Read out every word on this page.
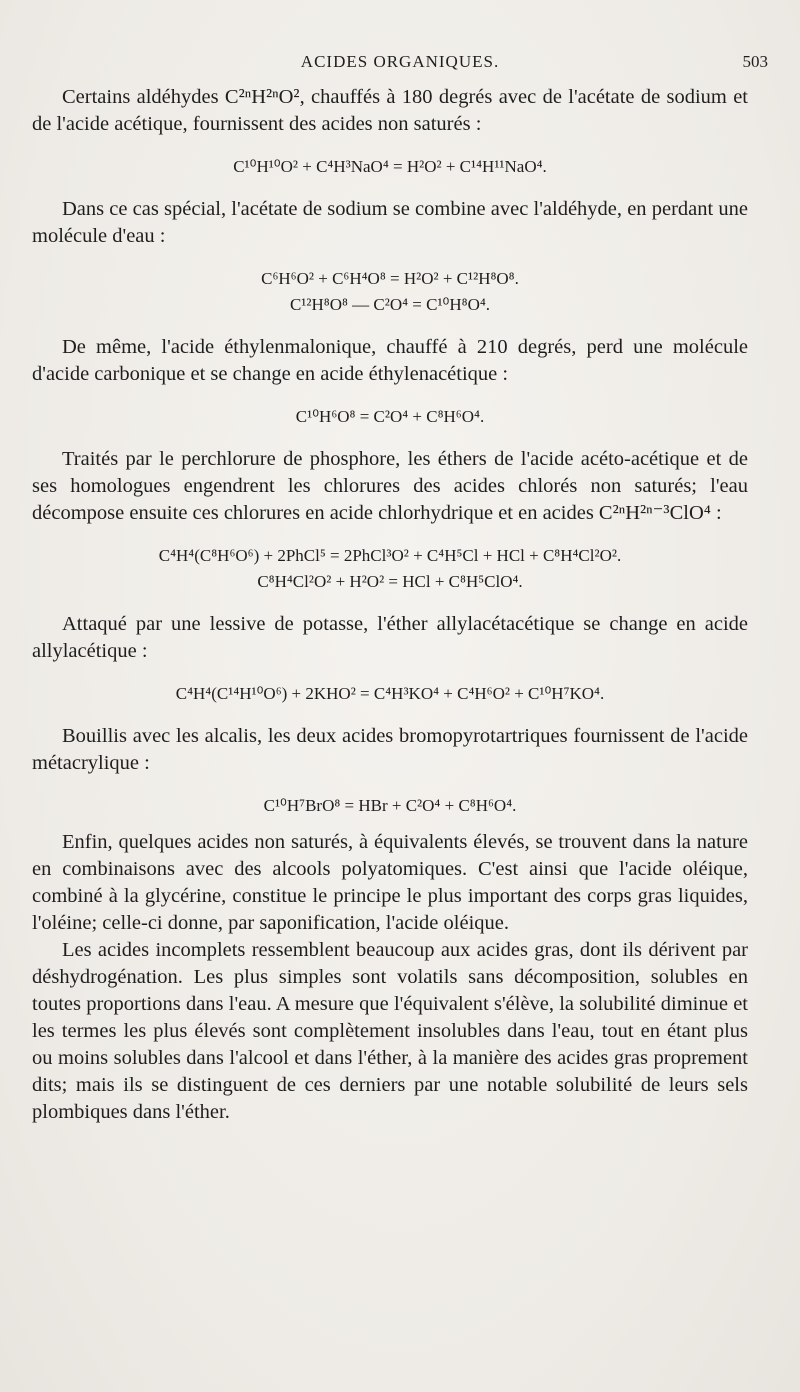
ACIDES ORGANIQUES.	503

Certains aldéhydes C²ⁿH²ⁿO², chauffés à 180 degrés avec de l'acétate de sodium et de l'acide acétique, fournissent des acides non saturés :

C¹⁰H¹⁰O² + C⁴H³NaO⁴ = H²O² + C¹⁴H¹¹NaO⁴.

Dans ce cas spécial, l'acétate de sodium se combine avec l'aldéhyde, en perdant une molécule d'eau :

C⁶H⁶O² + C⁶H⁴O⁸ = H²O² + C¹²H⁸O⁸.

C¹²H⁸O⁸ — C²O⁴ = C¹⁰H⁸O⁴.

De même, l'acide éthylenmalonique, chauffé à 210 degrés, perd une molécule d'acide carbonique et se change en acide éthylenacétique :

C¹⁰H⁶O⁸ = C²O⁴ + C⁸H⁶O⁴.

Traités par le perchlorure de phosphore, les éthers de l'acide acéto-acétique et de ses homologues engendrent les chlorures des acides chlorés non saturés; l'eau décompose ensuite ces chlorures en acide chlorhydrique et en acides C²ⁿH²ⁿ⁻³ClO⁴ :

C⁴H⁴(C⁸H⁶O⁶) + 2PhCl⁵ = 2PhCl³O² + C⁴H⁵Cl + HCl + C⁸H⁴Cl²O².

C⁸H⁴Cl²O² + H²O² = HCl + C⁸H⁵ClO⁴.

Attaqué par une lessive de potasse, l'éther allylacétacétique se change en acide allylacétique :

C⁴H⁴(C¹⁴H¹⁰O⁶) + 2KHO² = C⁴H³KO⁴ + C⁴H⁶O² + C¹⁰H⁷KO⁴.

Bouillis avec les alcalis, les deux acides bromopyrotartriques fournissent de l'acide métacrylique :

C¹⁰H⁷BrO⁸ = HBr + C²O⁴ + C⁸H⁶O⁴.

Enfin, quelques acides non saturés, à équivalents élevés, se trouvent dans la nature en combinaisons avec des alcools polyatomiques. C'est ainsi que l'acide oléique, combiné à la glycérine, constitue le principe le plus important des corps gras liquides, l'oléine; celle-ci donne, par saponification, l'acide oléique.

Les acides incomplets ressemblent beaucoup aux acides gras, dont ils dérivent par déshydrogénation. Les plus simples sont volatils sans décomposition, solubles en toutes proportions dans l'eau. A mesure que l'équivalent s'élève, la solubilité diminue et les termes les plus élevés sont complètement insolubles dans l'eau, tout en étant plus ou moins solubles dans l'alcool et dans l'éther, à la manière des acides gras proprement dits; mais ils se distinguent de ces derniers par une notable solubilité de leurs sels plombiques dans l'éther.
